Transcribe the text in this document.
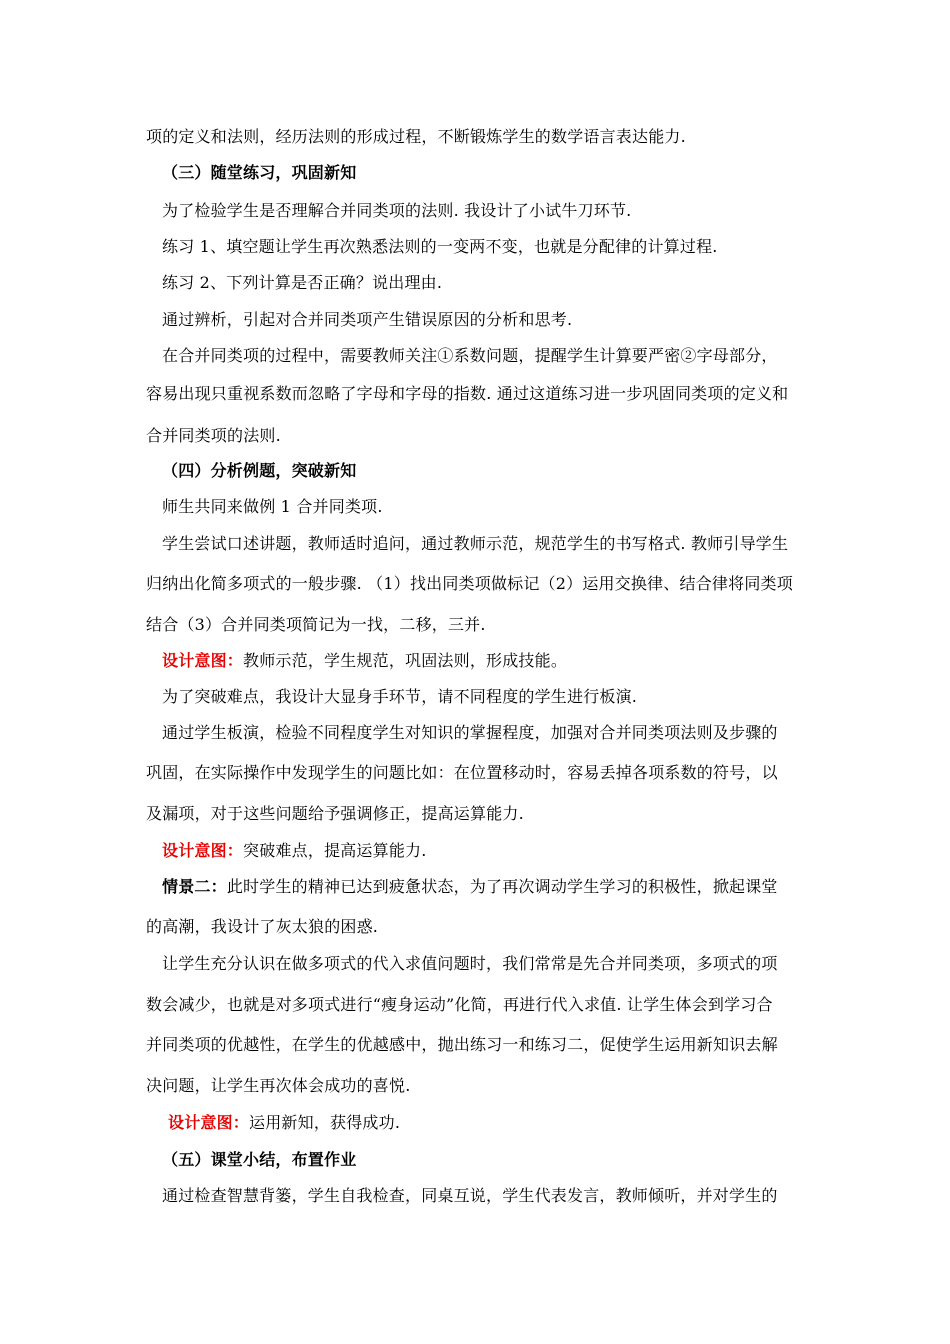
项的定义和法则，经历法则的形成过程，不断锻炼学生的数学语言表达能力.
（三）随堂练习，巩固新知
为了检验学生是否理解合并同类项的法则. 我设计了小试牛刀环节.
练习 1、填空题让学生再次熟悉法则的一变两不变，也就是分配律的计算过程.
练习 2、下列计算是否正确？说出理由.
通过辨析，引起对合并同类项产生错误原因的分析和思考.
在合并同类项的过程中，需要教师关注①系数问题，提醒学生计算要严密②字母部分，
容易出现只重视系数而忽略了字母和字母的指数. 通过这道练习进一步巩固同类项的定义和
合并同类项的法则.
（四）分析例题，突破新知
师生共同来做例 1 合并同类项.
学生尝试口述讲题，教师适时追问，通过教师示范，规范学生的书写格式. 教师引导学生
归纳出化简多项式的一般步骤. （1）找出同类项做标记（2）运用交换律、结合律将同类项
结合（3）合并同类项简记为一找，二移，三并.
设计意图：教师示范，学生规范，巩固法则，形成技能。
为了突破难点，我设计大显身手环节，请不同程度的学生进行板演.
通过学生板演，检验不同程度学生对知识的掌握程度，加强对合并同类项法则及步骤的
巩固，在实际操作中发现学生的问题比如：在位置移动时，容易丢掉各项系数的符号，以
及漏项，对于这些问题给予强调修正，提高运算能力.
设计意图：突破难点，提高运算能力.
情景二：此时学生的精神已达到疲惫状态，为了再次调动学生学习的积极性，掀起课堂
的高潮，我设计了灰太狼的困惑.
让学生充分认识在做多项式的代入求值问题时，我们常常是先合并同类项，多项式的项
数会减少，也就是对多项式进行“瘦身运动”化简，再进行代入求值. 让学生体会到学习合
并同类项的优越性，在学生的优越感中，抛出练习一和练习二，促使学生运用新知识去解
决问题，让学生再次体会成功的喜悦.
设计意图：运用新知，获得成功.
（五）课堂小结，布置作业
通过检查智慧背篓，学生自我检查，同桌互说，学生代表发言，教师倾听，并对学生的
